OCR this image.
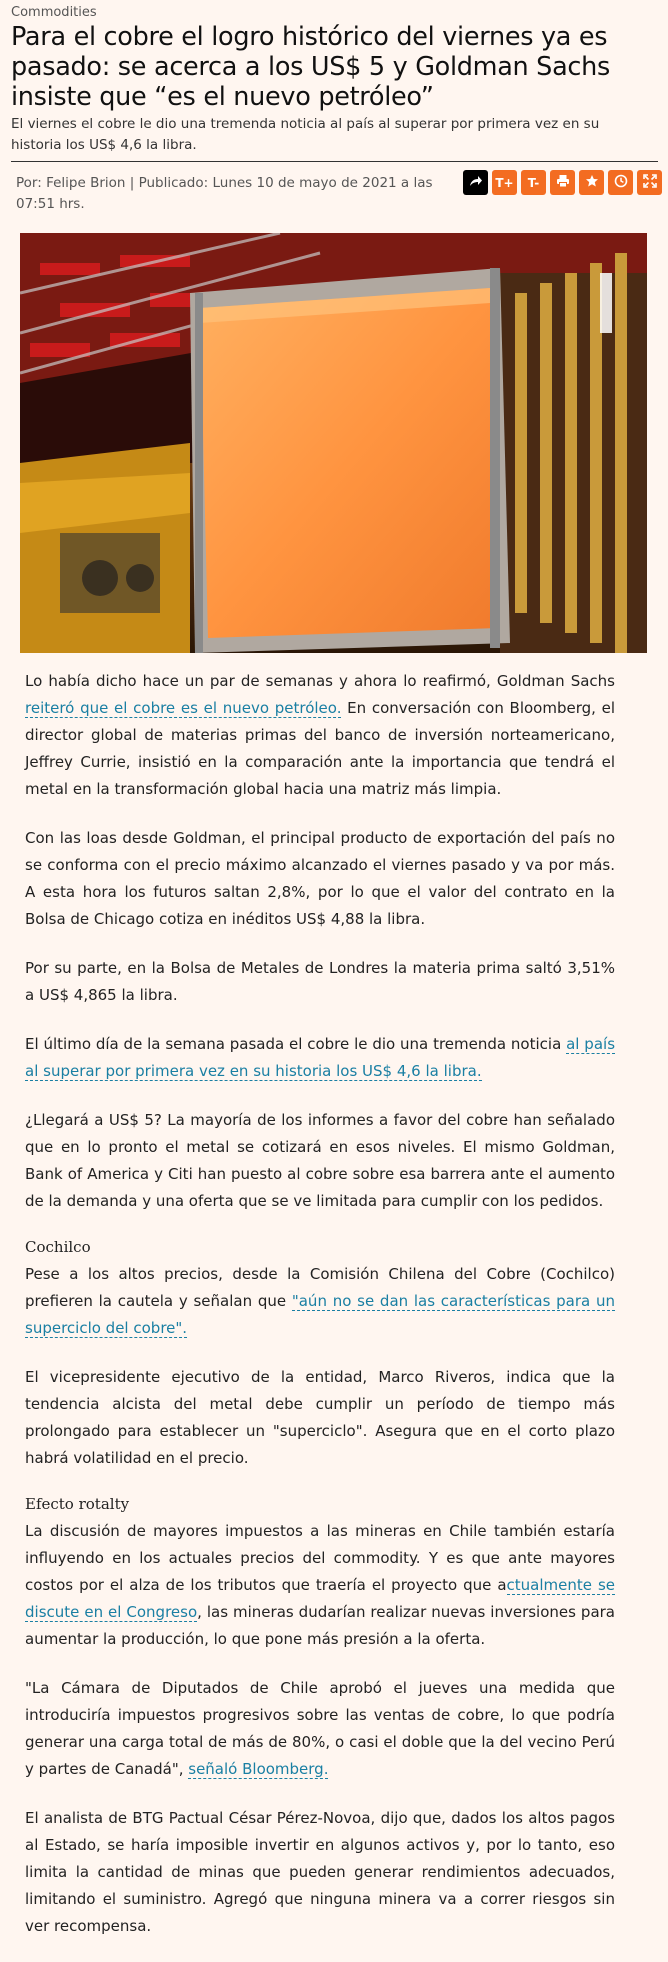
Commodities
Para el cobre el logro histórico del viernes ya es pasado: se acerca a los US$ 5 y Goldman Sachs insiste que “es el nuevo petróleo”

El viernes el cobre le dio una tremenda noticia al país al superar por primera vez en su historia los US$ 4,6 la libra.

Por: Felipe Brion | Publicado: Lunes 10 de mayo de 2021 a las 07:51 hrs.
T+	T-

Lo había dicho hace un par de semanas y ahora lo reafirmó, Goldman Sachs reiteró que el cobre es el nuevo petróleo. En conversación con Bloomberg, el director global de materias primas del banco de inversión norteamericano, Jeffrey Currie, insistió en la comparación ante la importancia que tendrá el metal en la transformación global hacia una matriz más limpia.

Con las loas desde Goldman, el principal producto de exportación del país no se conforma con el precio máximo alcanzado el viernes pasado y va por más. A esta hora los futuros saltan 2,8%, por lo que el valor del contrato en la Bolsa de Chicago cotiza en inéditos US$ 4,88 la libra.

Por su parte, en la Bolsa de Metales de Londres la materia prima saltó 3,51% a US$ 4,865 la libra.

El último día de la semana pasada el cobre le dio una tremenda noticia al país al superar por primera vez en su historia los US$ 4,6 la libra.

¿Llegará a US$ 5? La mayoría de los informes a favor del cobre han señalado que en lo pronto el metal se cotizará en esos niveles. El mismo Goldman, Bank of America y Citi han puesto al cobre sobre esa barrera ante el aumento de la demanda y una oferta que se ve limitada para cumplir con los pedidos.

Cochilco

Pese a los altos precios, desde la Comisión Chilena del Cobre (Cochilco) prefieren la cautela y señalan que "aún no se dan las características para un superciclo del cobre".

El vicepresidente ejecutivo de la entidad, Marco Riveros, indica que la tendencia alcista del metal debe cumplir un período de tiempo más prolongado para establecer un "superciclo". Asegura que en el corto plazo habrá volatilidad en el precio.

Efecto rotalty

La discusión de mayores impuestos a las mineras en Chile también estaría influyendo en los actuales precios del commodity. Y es que ante mayores costos por el alza de los tributos que traería el proyecto que actualmente se discute en el Congreso, las mineras dudarían realizar nuevas inversiones para aumentar la producción, lo que pone más presión a la oferta.

"La Cámara de Diputados de Chile aprobó el jueves una medida que introduciría impuestos progresivos sobre las ventas de cobre, lo que podría generar una carga total de más de 80%, o casi el doble que la del vecino Perú y partes de Canadá", señaló Bloomberg.

El analista de BTG Pactual César Pérez-Novoa, dijo que, dados los altos pagos al Estado, se haría imposible invertir en algunos activos y, por lo tanto, eso limita la cantidad de minas que pueden generar rendimientos adecuados, limitando el suministro. Agregó que ninguna minera va a correr riesgos sin ver recompensa.
